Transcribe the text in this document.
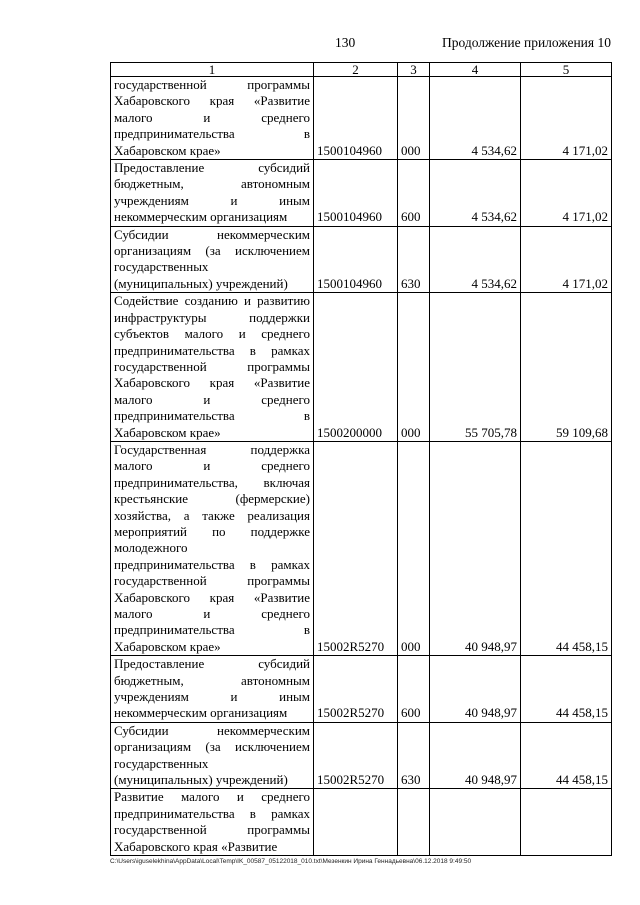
130	Продолжение приложения 10
1	2	3	4	5
государственной программы Хабаровского края «Развитие малого и среднего предпринимательства в Хабаровском крае»	1500104960	000	4 534,62	4 171,02
Предоставление субсидий бюджетным, автономным учреждениям и иным некоммерческим организациям	1500104960	600	4 534,62	4 171,02
Субсидии некоммерческим организациям (за исключением государственных (муниципальных) учреждений)	1500104960	630	4 534,62	4 171,02
Содействие созданию и развитию инфраструктуры поддержки субъектов малого и среднего предпринимательства в рамках государственной программы Хабаровского края «Развитие малого и среднего предпринимательства в Хабаровском крае»	1500200000	000	55 705,78	59 109,68
Государственная поддержка малого и среднего предпринимательства, включая крестьянские (фермерские) хозяйства, а также реализация мероприятий по поддержке молодежного предпринимательства в рамках государственной программы Хабаровского края «Развитие малого и среднего предпринимательства в Хабаровском крае»	15002R5270	000	40 948,97	44 458,15
Предоставление субсидий бюджетным, автономным учреждениям и иным некоммерческим организациям	15002R5270	600	40 948,97	44 458,15
Субсидии некоммерческим организациям (за исключением государственных (муниципальных) учреждений)	15002R5270	630	40 948,97	44 458,15
Развитие малого и среднего предпринимательства в рамках государственной программы Хабаровского края «Развитие				
C:\Users\iguselekhina\AppData\Local\Temp\IK_00587_05122018_010.txt\Мезенкин Ирина Геннадьевна\06.12.2018 9:49:50
